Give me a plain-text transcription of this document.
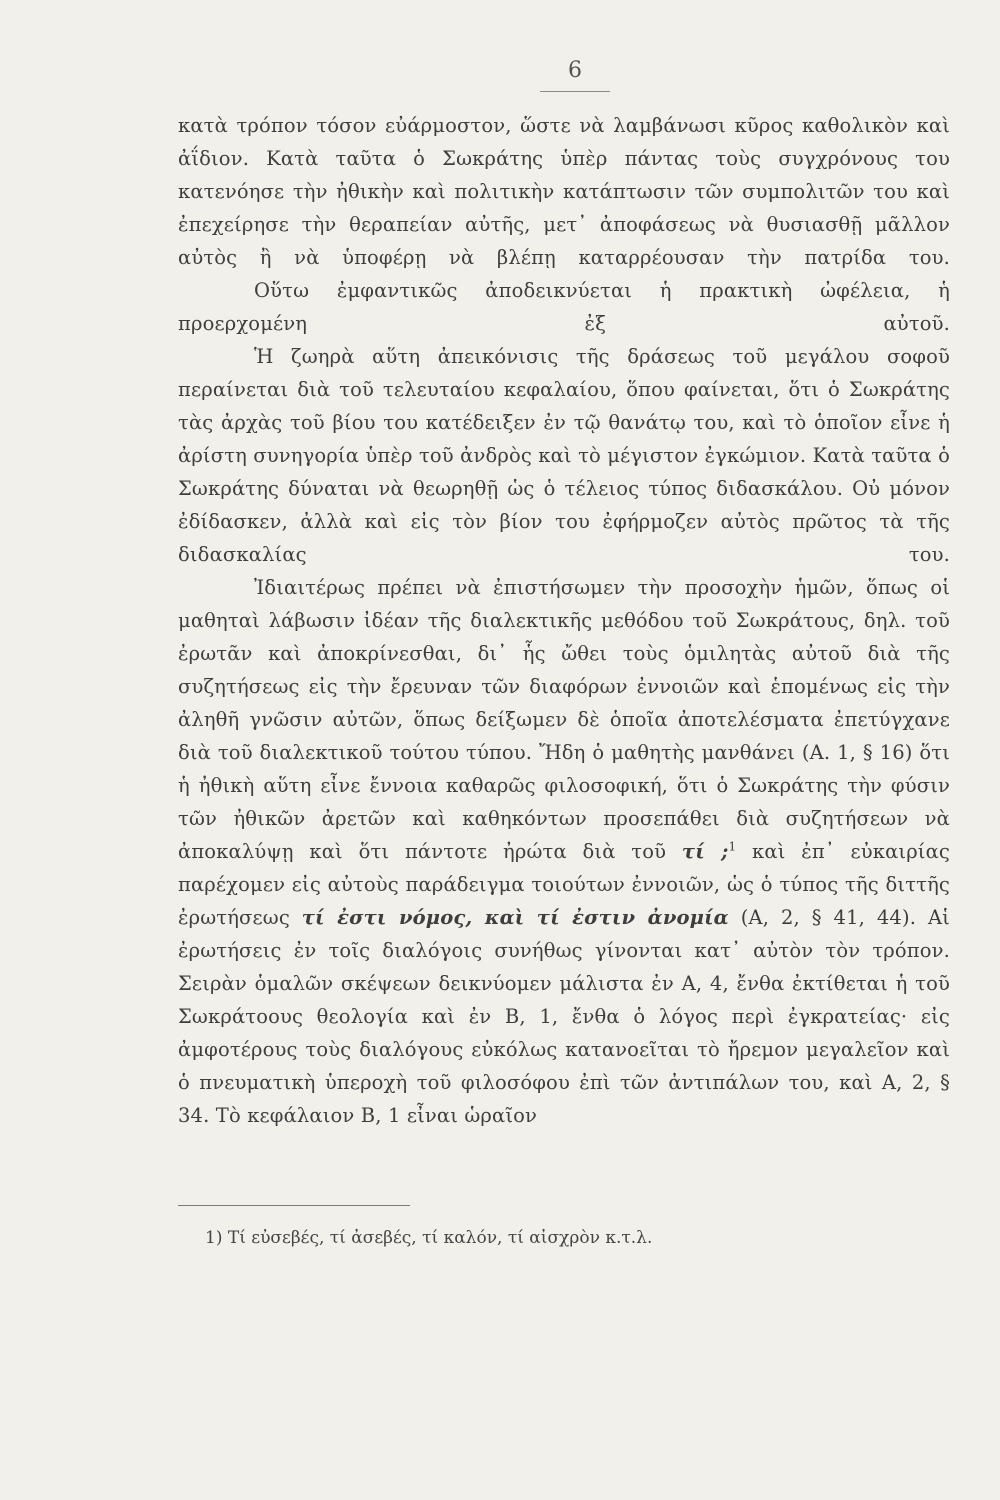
6

κατὰ τρόπον τόσον εὐάρμοστον, ὥστε νὰ λαμβάνωσι κῦρος καθολικὸν καὶ ἀΐδιον. Κατὰ ταῦτα ὁ Σωκράτης ὑπὲρ πάντας τοὺς συγχρόνους του κατενόησε τὴν ἠθικὴν καὶ πολιτικὴν κατάπτωσιν τῶν συμπολιτῶν του καὶ ἐπεχείρησε τὴν θεραπείαν αὐτῆς, μετ᾽ ἀποφάσεως νὰ θυσιασθῇ μᾶλλον αὐτὸς ἢ νὰ ὑποφέρῃ νὰ βλέπῃ καταρρέουσαν τὴν πατρίδα του.

Οὕτω ἐμφαντικῶς ἀποδεικνύεται ἡ πρακτικὴ ὠφέλεια, ἡ προερχομένη ἐξ αὐτοῦ.

Ἡ ζωηρὰ αὕτη ἀπεικόνισις τῆς δράσεως τοῦ μεγάλου σοφοῦ περαίνεται διὰ τοῦ τελευταίου κεφαλαίου, ὅπου φαίνεται, ὅτι ὁ Σωκράτης τὰς ἀρχὰς τοῦ βίου του κατέδειξεν ἐν τῷ θανάτῳ του, καὶ τὸ ὁποῖον εἶνε ἡ ἀρίστη συνηγορία ὑπὲρ τοῦ ἀνδρὸς καὶ τὸ μέγιστον ἐγκώμιον. Κατὰ ταῦτα ὁ Σωκράτης δύναται νὰ θεωρηθῇ ὡς ὁ τέλειος τύπος διδασκάλου. Οὐ μόνον ἐδίδασκεν, ἀλλὰ καὶ εἰς τὸν βίον του ἐφήρμοζεν αὐτὸς πρῶτος τὰ τῆς διδασκαλίας του.

Ἰδιαιτέρως πρέπει νὰ ἐπιστήσωμεν τὴν προσοχὴν ἡμῶν, ὅπως οἱ μαθηταὶ λάβωσιν ἰδέαν τῆς διαλεκτικῆς μεθόδου τοῦ Σωκράτους, δηλ. τοῦ ἐρωτᾶν καὶ ἀποκρίνεσθαι, δι᾽ ἧς ὤθει τοὺς ὁμιλητὰς αὐτοῦ διὰ τῆς συζητήσεως εἰς τὴν ἔρευναν τῶν διαφόρων ἐννοιῶν καὶ ἑπομένως εἰς τὴν ἀληθῆ γνῶσιν αὐτῶν, ὅπως δείξωμεν δὲ ὁποῖα ἀποτελέσματα ἐπετύγχανε διὰ τοῦ διαλεκτικοῦ τούτου τύπου. Ἤδη ὁ μαθητὴς μανθάνει (Α. 1, § 16) ὅτι ἡ ἠθικὴ αὕτη εἶνε ἔννοια καθαρῶς φιλοσοφική, ὅτι ὁ Σωκράτης τὴν φύσιν τῶν ἠθικῶν ἀρετῶν καὶ καθηκόντων προσεπάθει διὰ συζητήσεων νὰ ἀποκαλύψῃ καὶ ὅτι πάντοτε ἠρώτα διὰ τοῦ τί ;$^1$ καὶ ἐπ᾽ εὐκαιρίας παρέχομεν εἰς αὐτοὺς παράδειγμα τοιούτων ἐννοιῶν, ὡς ὁ τύπος τῆς διττῆς ἐρωτήσεως τί ἐστι νόμος, καὶ τί ἐστιν ἀνομία (Α, 2, § 41, 44). Αἱ ἐρωτήσεις ἐν τοῖς διαλόγοις συνήθως γίνονται κατ᾽ αὐτὸν τὸν τρόπον. Σειρὰν ὁμαλῶν σκέψεων δεικνύομεν μάλιστα ἐν Α, 4, ἔνθα ἐκτίθεται ἡ τοῦ Σωκράτοους θεολογία καὶ ἐν Β, 1, ἔνθα ὁ λόγος περὶ ἐγκρατείας· εἰς ἀμφοτέρους τοὺς διαλόγους εὐκόλως κατανοεῖται τὸ ἤρεμον μεγαλεῖον καὶ ὁ πνευματικὴ ὑπεροχὴ τοῦ φιλοσόφου ἐπὶ τῶν ἀντιπάλων του, καὶ Α, 2, § 34. Τὸ κεφάλαιον Β, 1 εἶναι ὡραῖον

1) Τί εὐσεβές, τί ἀσεβές, τί καλόν, τί αἰσχρὸν κ.τ.λ.
